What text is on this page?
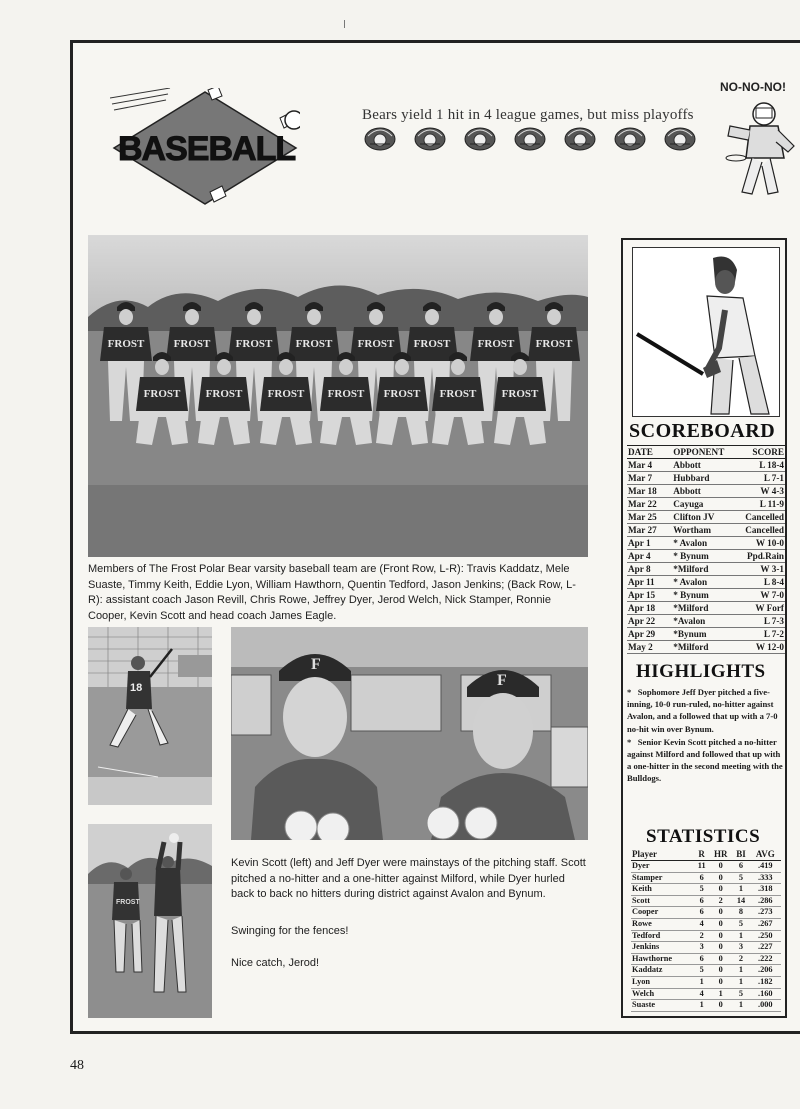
BASEBALL
Bears yield 1 hit in 4 league games, but miss playoffs
NO-NO-NO!
FROST	FROST FROST FROST FROST FROST FROST FROST
FROST FROST FROST FROST FROST FROST FROST
Members of The Frost Polar Bear varsity baseball team are (Front Row, L-R): Travis Kaddatz, Mele Suaste, Timmy Keith, Eddie Lyon, William Hawthorn, Quentin Tedford, Jason Jenkins; (Back Row, L-R): assistant coach Jason Revill, Chris Rowe, Jeffrey Dyer, Jerod Welch, Nick Stamper, Ronnie Cooper, Kevin Scott and head coach James Eagle.
18
FROST
F
F
Kevin Scott (left) and Jeff Dyer were mainstays of the pitching staff. Scott pitched a no-hitter and a one-hitter against Milford, while Dyer hurled back to back no hitters during district against Avalon and Bynum.
Swinging for the fences!
Nice catch, Jerod!
SCOREBOARD
DATE	OPPONENT	SCORE
Mar 4	Abbott	L 18-4
Mar 7	Hubbard	L 7-1
Mar 18	Abbott	W 4-3
Mar 22	Cayuga	L 11-9
Mar 25	Clifton JV	Cancelled
Mar 27	Wortham	Cancelled
Apr 1	* Avalon	W 10-0
Apr 4	* Bynum	Ppd.Rain
Apr 8	*Milford	W 3-1
Apr 11	* Avalon	L 8-4
Apr 15	* Bynum	W 7-0
Apr 18	*Milford	W Forf
Apr 22	*Avalon	L 7-3
Apr 29	*Bynum	L 7-2
May 2	*Milford	W 12-0
HIGHLIGHTS

*   Sophomore Jeff Dyer pitched a five-inning, 10-0 run-ruled, no-hitter against Avalon, and a followed that up with a 7-0 no-hit win over Bynum.

*   Senior Kevin Scott pitched a no-hitter against Milford and followed that up with a one-hitter in the second meeting with the Bulldogs.

STATISTICS
Player	R	HR	BI	AVG
Dyer	11	0	6	.419
Stamper	6	0	5	.333
Keith	5	0	1	.318
Scott	6	2	14	.286
Cooper	6	0	8	.273
Rowe	4	0	5	.267
Tedford	2	0	1	.250
Jenkins	3	0	3	.227
Hawthorne	6	0	2	.222
Kaddatz	5	0	1	.206
Lyon	1	0	1	.182
Welch	4	1	5	.160
Suaste	1	0	1	.000
48
